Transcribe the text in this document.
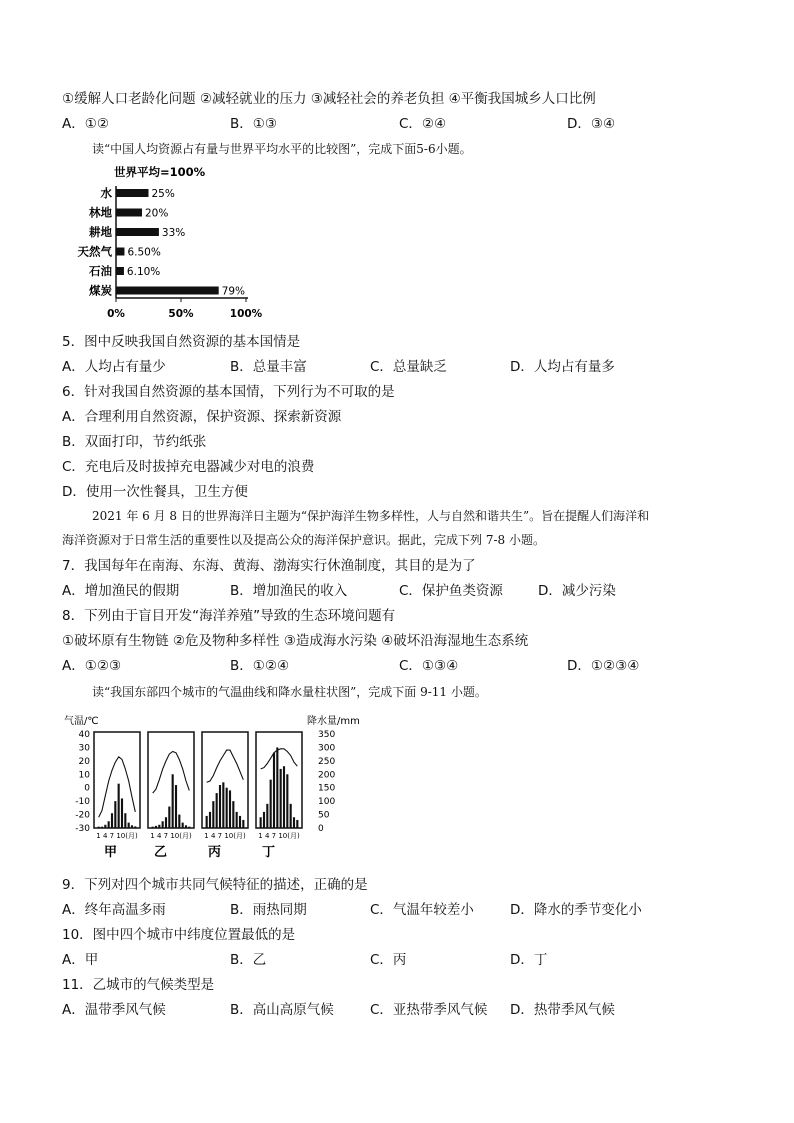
①缓解人口老龄化问题 ②减轻就业的压力 ③减轻社会的养老负担 ④平衡我国城乡人口比例
A．①②	B．①③	C．②④	D．③④
读“中国人均资源占有量与世界平均水平的比较图”，完成下面5-6小题。
世界平均=100%
水
林地
耕地
天然气
石油
煤炭
25%
20%
33%
6.50%
6.10%
79%
0%	50%	100%
5．图中反映我国自然资源的基本国情是
A．人均占有量少	B．总量丰富	C．总量缺乏	D．人均占有量多
6．针对我国自然资源的基本国情，下列行为不可取的是
A．合理利用自然资源，保护资源、探索新资源
B．双面打印，节约纸张
C．充电后及时拔掉充电器减少对电的浪费
D．使用一次性餐具，卫生方便
2021 年 6 月 8 日的世界海洋日主题为“保护海洋生物多样性，人与自然和谐共生”。旨在提醒人们海洋和
海洋资源对于日常生活的重要性以及提高公众的海洋保护意识。据此，完成下列 7-8 小题。
7．我国每年在南海、东海、黄海、渤海实行休渔制度，其目的是为了
A．增加渔民的假期	B．增加渔民的收入	C．保护鱼类资源	D．减少污染
8．下列由于盲目开发“海洋养殖”导致的生态环境问题有
①破坏原有生物链 ②危及物种多样性 ③造成海水污染 ④破坏沿海湿地生态系统
A．①②③	B．①②④	C．①③④	D．①②③④
读“我国东部四个城市的气温曲线和降水量柱状图”，完成下面 9-11 小题。
气温/℃	降水量/mm
40
30
20
10
0
-10
-20
-30
350
300
250
200
150
100
50
0
1 4 7 10(月)
甲
1 4 7 10(月)
乙
1 4 7 10(月)
丙
1 4 7 10(月)
丁
9．下列对四个城市共同气候特征的描述，正确的是
A．终年高温多雨	B．雨热同期	C．气温年较差小	D．降水的季节变化小
10．图中四个城市中纬度位置最低的是
A．甲	B．乙	C．丙	D．丁
11．乙城市的气候类型是
A．温带季风气候	B．高山高原气候	C．亚热带季风气候 D．热带季风气候
